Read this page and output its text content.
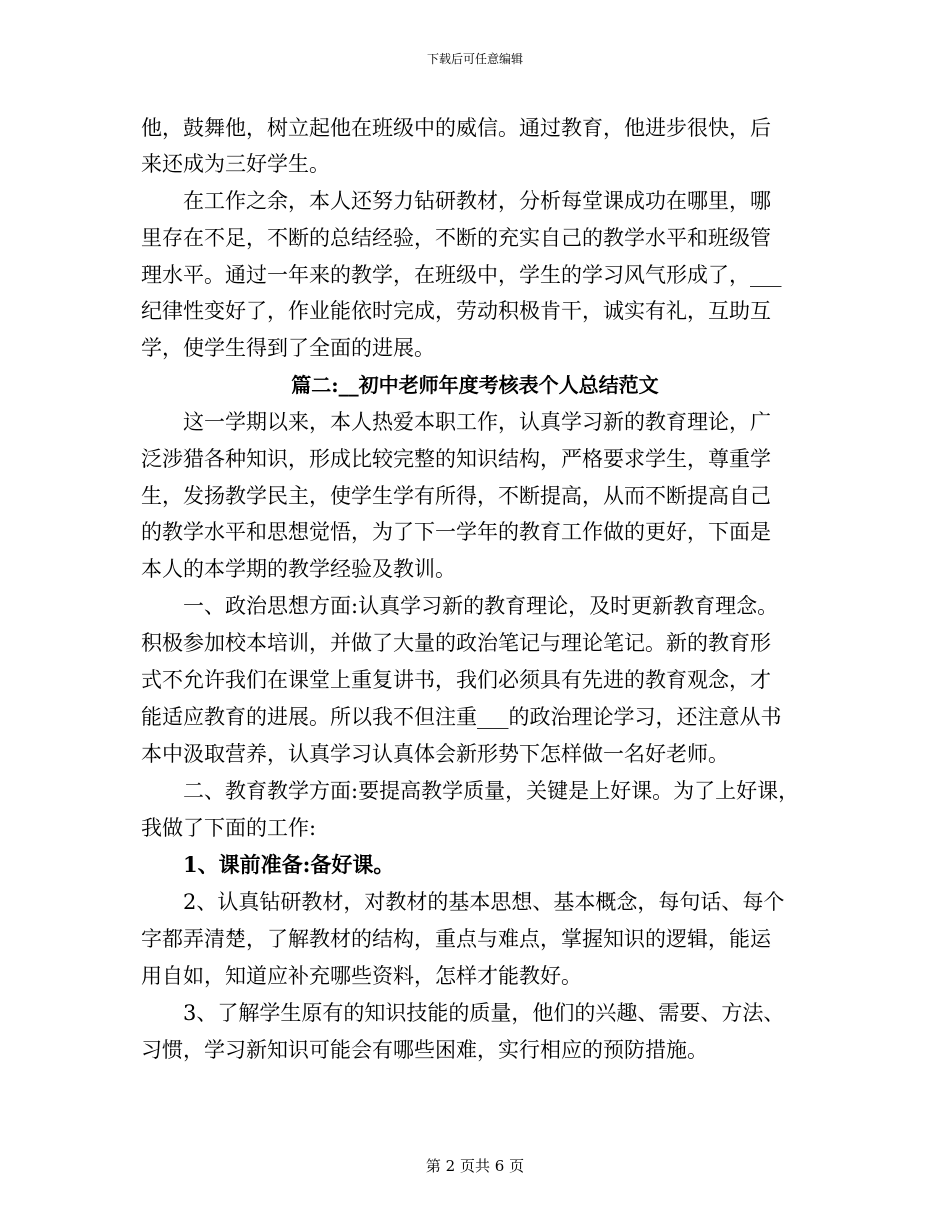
下载后可任意编辑
他，鼓舞他，树立起他在班级中的威信。通过教育，他进步很快，后
来还成为三好学生。
　　在工作之余，本人还努力钻研教材，分析每堂课成功在哪里，哪
里存在不足，不断的总结经验，不断的充实自己的教学水平和班级管
理水平。通过一年来的教学，在班级中，学生的学习风气形成了，___
纪律性变好了，作业能依时完成，劳动积极肯干，诚实有礼，互助互
学，使学生得到了全面的进展。
篇二:__初中老师年度考核表个人总结范文
　　这一学期以来，本人热爱本职工作，认真学习新的教育理论，广
泛涉猎各种知识，形成比较完整的知识结构，严格要求学生，尊重学
生，发扬教学民主，使学生学有所得，不断提高，从而不断提高自己
的教学水平和思想觉悟，为了下一学年的教育工作做的更好，下面是
本人的本学期的教学经验及教训。
　　一、政治思想方面:认真学习新的教育理论，及时更新教育理念。
积极参加校本培训，并做了大量的政治笔记与理论笔记。新的教育形
式不允许我们在课堂上重复讲书，我们必须具有先进的教育观念，才
能适应教育的进展。所以我不但注重___的政治理论学习，还注意从书
本中汲取营养，认真学习认真体会新形势下怎样做一名好老师。
　　二、教育教学方面:要提高教学质量，关键是上好课。为了上好课，
我做了下面的工作:
　　1、课前准备:备好课。
　　2、认真钻研教材，对教材的基本思想、基本概念，每句话、每个
字都弄清楚，了解教材的结构，重点与难点，掌握知识的逻辑，能运
用自如，知道应补充哪些资料，怎样才能教好。
　　3、了解学生原有的知识技能的质量，他们的兴趣、需要、方法、
习惯，学习新知识可能会有哪些困难，实行相应的预防措施。
第 2 页共 6 页
